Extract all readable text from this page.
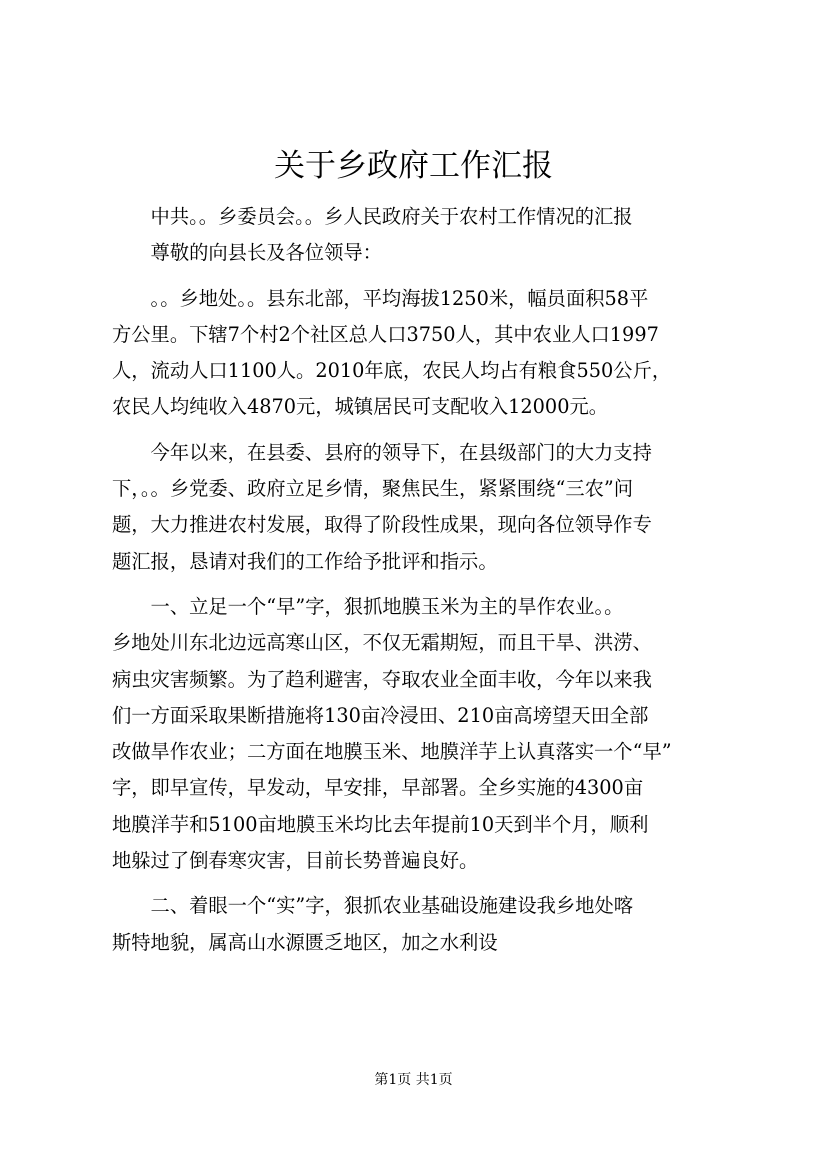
关于乡政府工作汇报
　　中共。。乡委员会。。乡人民政府关于农村工作情况的汇报
　　尊敬的向县长及各位领导：
　　。。乡地处。。县东北部，平均海拔1250米，幅员面积58平
方公里。下辖7个村2个社区总人口3750人，其中农业人口1997
人，流动人口1100人。2010年底，农民人均占有粮食550公斤，
农民人均纯收入4870元，城镇居民可支配收入12000元。
　　今年以来，在县委、县府的领导下，在县级部门的大力支持
下，。。乡党委、政府立足乡情，聚焦民生，紧紧围绕“三农”问
题，大力推进农村发展，取得了阶段性成果，现向各位领导作专
题汇报，恳请对我们的工作给予批评和指示。
　　一、立足一个“早”字，狠抓地膜玉米为主的旱作农业。。
乡地处川东北边远高寒山区，不仅无霜期短，而且干旱、洪涝、
病虫灾害频繁。为了趋利避害，夺取农业全面丰收，今年以来我
们一方面采取果断措施将130亩冷浸田、210亩高塝望天田全部
改做旱作农业；二方面在地膜玉米、地膜洋芋上认真落实一个“早”
字，即早宣传，早发动，早安排，早部署。全乡实施的4300亩
地膜洋芋和5100亩地膜玉米均比去年提前10天到半个月，顺利
地躲过了倒春寒灾害，目前长势普遍良好。
　　二、着眼一个“实”字，狠抓农业基础设施建设我乡地处喀
斯特地貌，属高山水源匮乏地区，加之水利设
第1页 共1页
